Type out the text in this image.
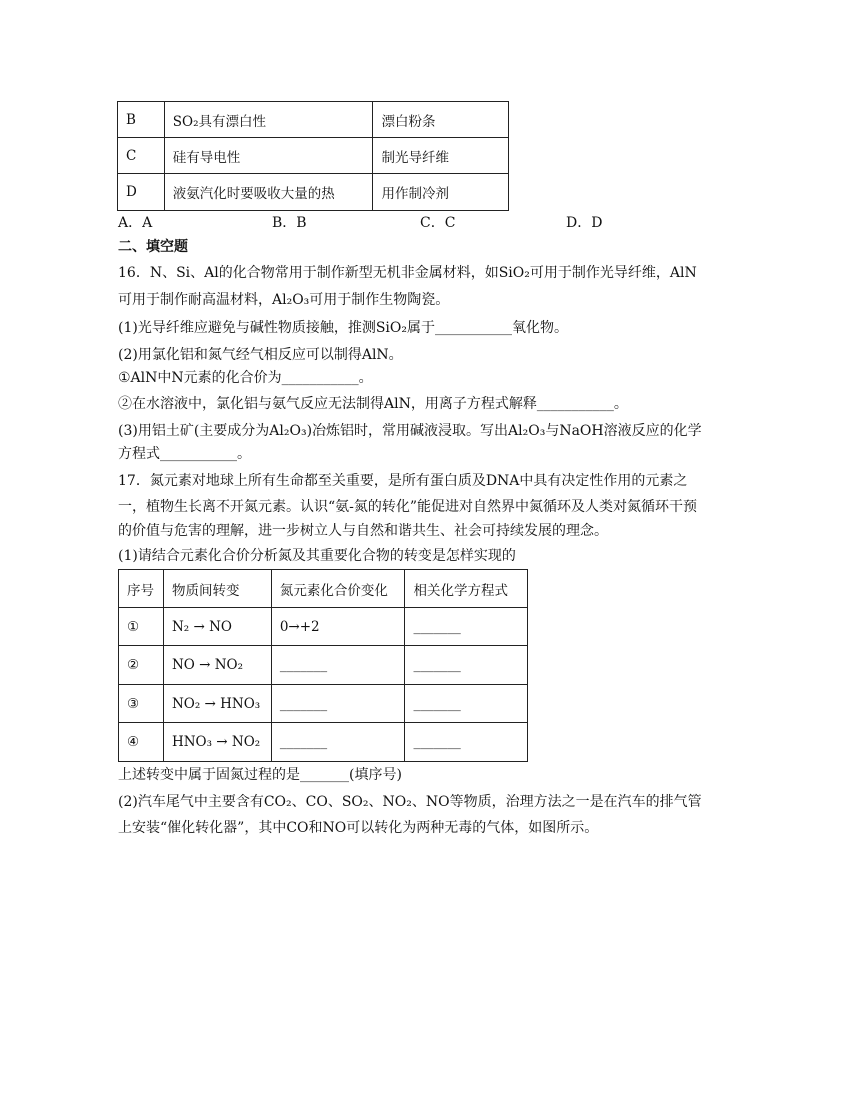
B	SO₂具有漂白性	漂白粉条
C	硅有导电性	制光导纤维
D	液氨汽化时要吸收大量的热	用作制冷剂
A．A	B．B	C．C	D．D
二、填空题
16．N、Si、Al的化合物常用于制作新型无机非金属材料，如SiO₂可用于制作光导纤维，AlN
可用于制作耐高温材料，Al₂O₃可用于制作生物陶瓷。
(1)光导纤维应避免与碱性物质接触，推测SiO₂属于___________氧化物。
(2)用氯化铝和氮气经气相反应可以制得AlN。
①AlN中N元素的化合价为___________。
②在水溶液中，氯化铝与氨气反应无法制得AlN，用离子方程式解释___________。
(3)用铝土矿(主要成分为Al₂O₃)冶炼铝时，常用碱液浸取。写出Al₂O₃与NaOH溶液反应的化学
方程式___________。
17．氮元素对地球上所有生命都至关重要，是所有蛋白质及DNA中具有决定性作用的元素之
一，植物生长离不开氮元素。认识“氨-氮的转化”能促进对自然界中氮循环及人类对氮循环干预
的价值与危害的理解，进一步树立人与自然和谐共生、社会可持续发展的理念。
(1)请结合元素化合价分析氮及其重要化合物的转变是怎样实现的
序号	物质间转变	氮元素化合价变化	相关化学方程式
①	N₂ → NO	0→+2	_______
②	NO → NO₂	_______	_______
③	NO₂ → HNO₃	_______	_______
④	HNO₃ → NO₂	_______	_______
上述转变中属于固氮过程的是_______(填序号)
(2)汽车尾气中主要含有CO₂、CO、SO₂、NO₂、NO等物质，治理方法之一是在汽车的排气管
上安装“催化转化器”，其中CO和NO可以转化为两种无毒的气体，如图所示。
